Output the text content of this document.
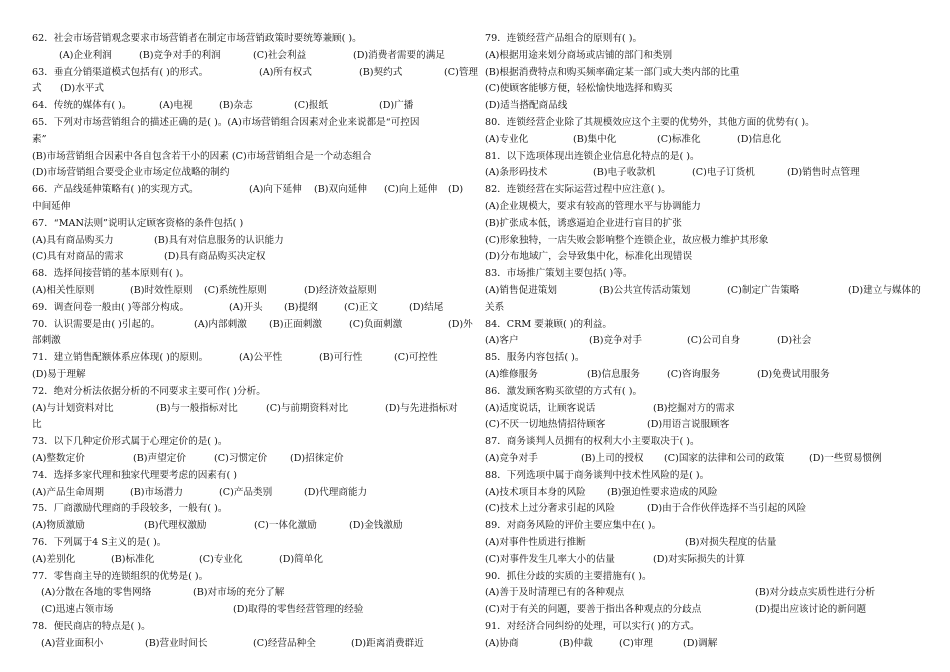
62．社会市场营销观念要求市场营销者在制定市场营销政策时要统筹兼顾( )。
(A)企业利润	(B)竞争对手的利润	(C)社会利益	(D)消费者需要的满足
63．垂直分销渠道模式包括有( )的形式。	(A)所有权式	(B)契约式	(C)管理
式 (D)水平式
64．传统的媒体有( )。	(A)电视	(B)杂志	(C)报纸	(D)广播
65．下列对市场营销组合的描述正确的是( )。(A)市场营销组合因素对企业来说都是“可控因
素”
(B)市场营销组合因素中各自包含若干小的因素 (C)市场营销组合是一个动态组合
(D)市场营销组合要受企业市场定位战略的制约
66．产品线延伸策略有( )的实现方式。	(A)向下延伸 (B)双向延伸 (C)向上延伸 (D)
中间延伸
67．“MAN法则”说明认定顾客资格的条件包括( )
(A)具有商品购买力	(B)具有对信息服务的认识能力
(C)具有对商品的需求	(D)具有商品购买决定权
68．选择间接营销的基本原则有( )。
(A)相关性原则	(B)时效性原则 (C)系统性原则	(D)经济效益原则
69．调查问卷一般由( )等部分构成。	(A)开头 (B)提纲	(C)正文	(D)结尾
70．认识需要是由( )引起的。	(A)内部刺激 (B)正面刺激	(C)负面刺激	(D)外
部刺激
71．建立销售配额体系应体现( )的原则。	(A)公平性	(B)可行性	(C)可控性
(D)易于理解
72．绝对分析法依据分析的不同要求主要可作( )分析。
(A)与计划资料对比	(B)与一般指标对比	(C)与前期资料对比	(D)与先进指标对
比
73．以下几种定价形式属于心理定价的是( )。
(A)整数定价	(B)声望定价	(C)习惯定价 (D)招徕定价
74．选择多家代理和独家代理要考虑的因素有( )
(A)产品生命周期	(B)市场潜力	(C)产品类别	(D)代理商能力
75．厂商激励代理商的手段较多，一般有( )。
(A)物质激励	(B)代理权激励	(C)一体化激励	(D)金钱激励
76．下列属于4 S主义的是( )。
(A)差别化	(B)标准化	(C)专业化	(D)简单化
77．零售商主导的连锁组织的优势是( )。
(A)分散在各地的零售网络	(B)对市场的充分了解
(C)迅速占领市场	(D)取得的零售经营管理的经验
78．便民商店的特点是( )。
(A)营业面积小	(B)营业时间长	(C)经营品种全	(D)距离消费群近
79．连锁经营产品组合的原则有( )。
(A)根据用途来划分商场或店铺的部门和类别
(B)根据消费特点和购买频率确定某一部门或大类内部的比重
(C)使顾客能够方便，轻松愉快地选择和购买
(D)适当搭配商品线
80．连锁经营企业除了其规模效应这个主要的优势外，其他方面的优势有( )。
(A)专业化	(B)集中化	(C)标准化	(D)信息化
81．以下选项体现出连锁企业信息化特点的是( )。
(A)条形码技术	(B)电子收款机	(C)电子订货机	(D)销售时点管理
82．连锁经营在实际运营过程中应注意( )。
(A)企业规模大，要求有较高的管理水平与协调能力
(B)扩张成本低，诱惑逼迫企业进行盲目的扩张
(C)形象独特，一店失败会影响整个连锁企业，故应极力维护其形象
(D)分布地域广，会导致集中化，标准化出现错误
83．市场推广策划主要包括( )等。
(A)销售促进策划	(B)公共宣传活动策划	(C)制定广告策略	(D)建立与媒体的
关系
84．CRM 要兼顾( )的利益。
(A)客户	(B)竞争对手	(C)公司自身	(D)社会
85．服务内容包括( )。
(A)维修服务	(B)信息服务	(C)咨询服务	(D)免费试用服务
86．激发顾客购买欲望的方式有( )。
(A)适度说话，让顾客说话	(B)挖掘对方的需求
(C)不厌一切地热情招待顾客	(D)用语言说服顾客
87．商务谈判人员拥有的权利大小主要取决于( )。
(A)竞争对手	(B)上司的授权 (C)国家的法律和公司的政策	(D)一些贸易惯例
88．下列选项中属于商务谈判中技术性风险的是( )。
(A)技术项目本身的风险 (B)强迫性要求造成的风险
(C)技术上过分奢求引起的风险	(D)由于合作伙伴选择不当引起的风险
89．对商务风险的评价主要应集中在( )。
(A)对事件性质进行推断	(B)对损失程度的估量
(C)对事件发生几率大小的估量	(D)对实际损失的计算
90．抓住分歧的实质的主要措施有( )。
(A)善于及时清理已有的各种观点	(B)对分歧点实质性进行分析
(C)对于有关的问题，要善于指出各种观点的分歧点	(D)提出应该讨论的新问题
91．对经济合同纠纷的处理，可以实行( )的方式。
(A)协商	(B)仲裁	(C)审理	(D)调解
